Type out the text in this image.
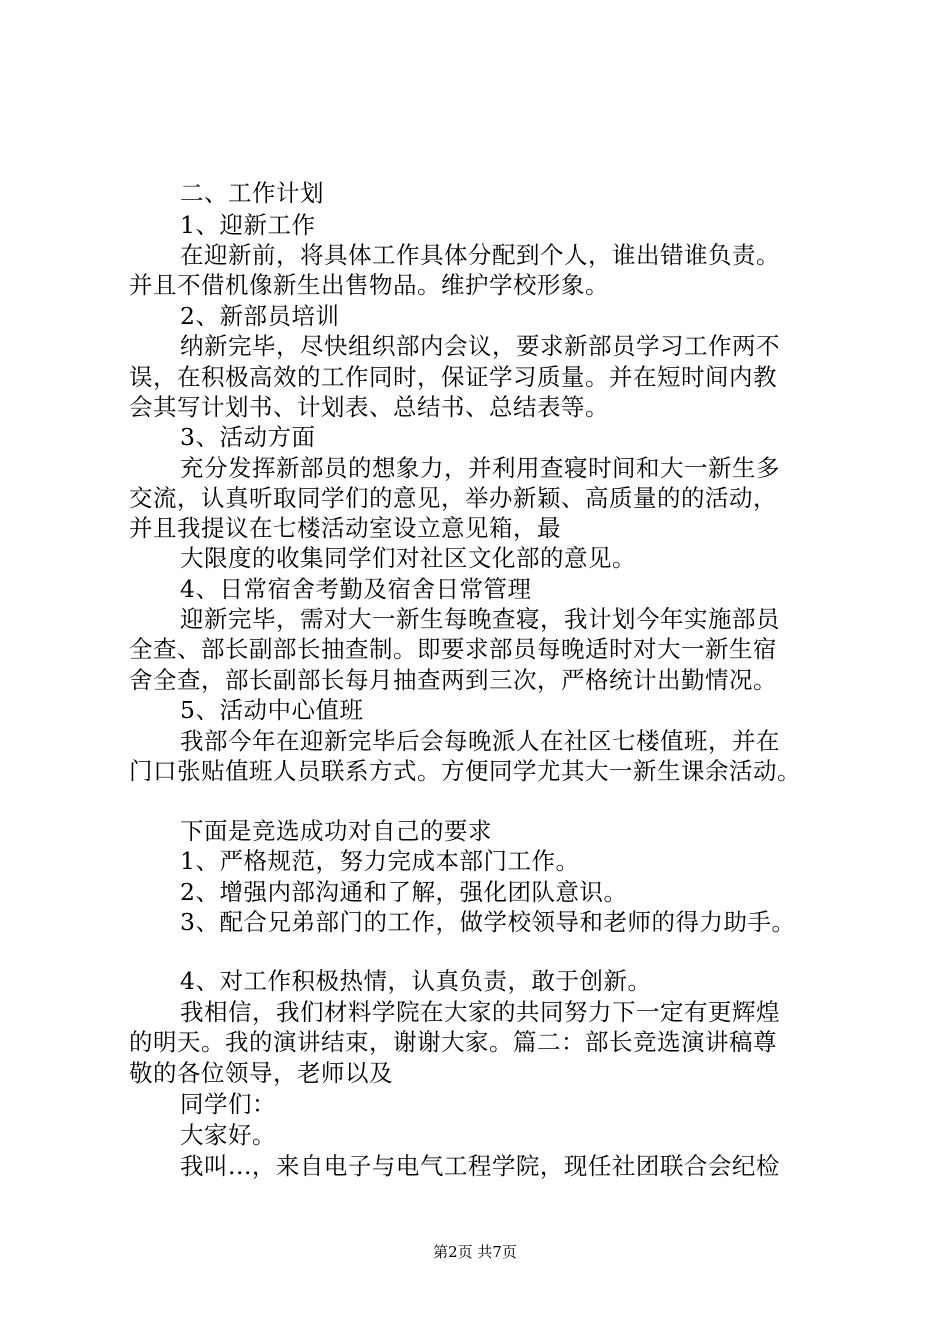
二、工作计划
1、迎新工作
在迎新前，将具体工作具体分配到个人，谁出错谁负责。
并且不借机像新生出售物品。维护学校形象。
2、新部员培训
纳新完毕，尽快组织部内会议，要求新部员学习工作两不
误，在积极高效的工作同时，保证学习质量。并在短时间内教
会其写计划书、计划表、总结书、总结表等。
3、活动方面
充分发挥新部员的想象力，并利用查寝时间和大一新生多
交流，认真听取同学们的意见，举办新颖、高质量的的活动，
并且我提议在七楼活动室设立意见箱，最
大限度的收集同学们对社区文化部的意见。
4、日常宿舍考勤及宿舍日常管理
迎新完毕，需对大一新生每晚查寝，我计划今年实施部员
全查、部长副部长抽查制。即要求部员每晚适时对大一新生宿
舍全查，部长副部长每月抽查两到三次，严格统计出勤情况。
5、活动中心值班
我部今年在迎新完毕后会每晚派人在社区七楼值班，并在
门口张贴值班人员联系方式。方便同学尤其大一新生课余活动。
下面是竞选成功对自己的要求
1、严格规范，努力完成本部门工作。
2、增强内部沟通和了解，强化团队意识。
3、配合兄弟部门的工作，做学校领导和老师的得力助手。
4、对工作积极热情，认真负责，敢于创新。
我相信，我们材料学院在大家的共同努力下一定有更辉煌
的明天。我的演讲结束，谢谢大家。篇二：部长竞选演讲稿尊
敬的各位领导，老师以及
同学们：
大家好。
我叫...，来自电子与电气工程学院，现任社团联合会纪检
第2页 共7页
